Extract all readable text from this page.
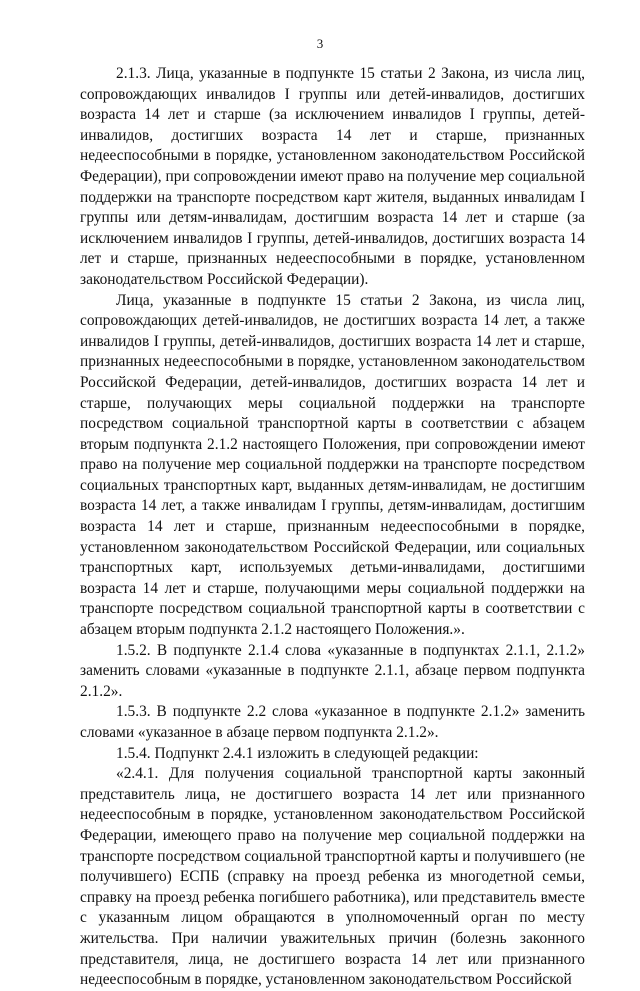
3

2.1.3. Лица, указанные в подпункте 15 статьи 2 Закона, из числа лиц, сопровождающих инвалидов I группы или детей-инвалидов, достигших возраста 14 лет и старше (за исключением инвалидов I группы, детей-инвалидов, достигших возраста 14 лет и старше, признанных недееспособными в порядке, установленном законодательством Российской Федерации), при сопровождении имеют право на получение мер социальной поддержки на транспорте посредством карт жителя, выданных инвалидам I группы или детям-инвалидам, достигшим возраста 14 лет и старше (за исключением инвалидов I группы, детей-инвалидов, достигших возраста 14 лет и старше, признанных недееспособными в порядке, установленном законодательством Российской Федерации).

Лица, указанные в подпункте 15 статьи 2 Закона, из числа лиц, сопровождающих детей-инвалидов, не достигших возраста 14 лет, а также инвалидов I группы, детей-инвалидов, достигших возраста 14 лет и старше, признанных недееспособными в порядке, установленном законодательством Российской Федерации, детей-инвалидов, достигших возраста 14 лет и старше, получающих меры социальной поддержки на транспорте посредством социальной транспортной карты в соответствии с абзацем вторым подпункта 2.1.2 настоящего Положения, при сопровождении имеют право на получение мер социальной поддержки на транспорте посредством социальных транспортных карт, выданных детям-инвалидам, не достигшим возраста 14 лет, а также инвалидам I группы, детям-инвалидам, достигшим возраста 14 лет и старше, признанным недееспособными в порядке, установленном законодательством Российской Федерации, или социальных транспортных карт, используемых детьми-инвалидами, достигшими возраста 14 лет и старше, получающими меры социальной поддержки на транспорте посредством социальной транспортной карты в соответствии с абзацем вторым подпункта 2.1.2 настоящего Положения.».

1.5.2. В подпункте 2.1.4 слова «указанные в подпунктах 2.1.1, 2.1.2» заменить словами «указанные в подпункте 2.1.1, абзаце первом подпункта 2.1.2».

1.5.3. В подпункте 2.2 слова «указанное в подпункте 2.1.2» заменить словами «указанное в абзаце первом подпункта 2.1.2».

1.5.4. Подпункт 2.4.1 изложить в следующей редакции:

«2.4.1. Для получения социальной транспортной карты законный представитель лица, не достигшего возраста 14 лет или признанного недееспособным в порядке, установленном законодательством Российской Федерации, имеющего право на получение мер социальной поддержки на транспорте посредством социальной транспортной карты и получившего (не получившего) ЕСПБ (справку на проезд ребенка из многодетной семьи, справку на проезд ребенка погибшего работника), или представитель вместе с указанным лицом обращаются в уполномоченный орган по месту жительства. При наличии уважительных причин (болезнь законного представителя, лица, не достигшего возраста 14 лет или признанного недееспособным в порядке, установленном законодательством Российской
